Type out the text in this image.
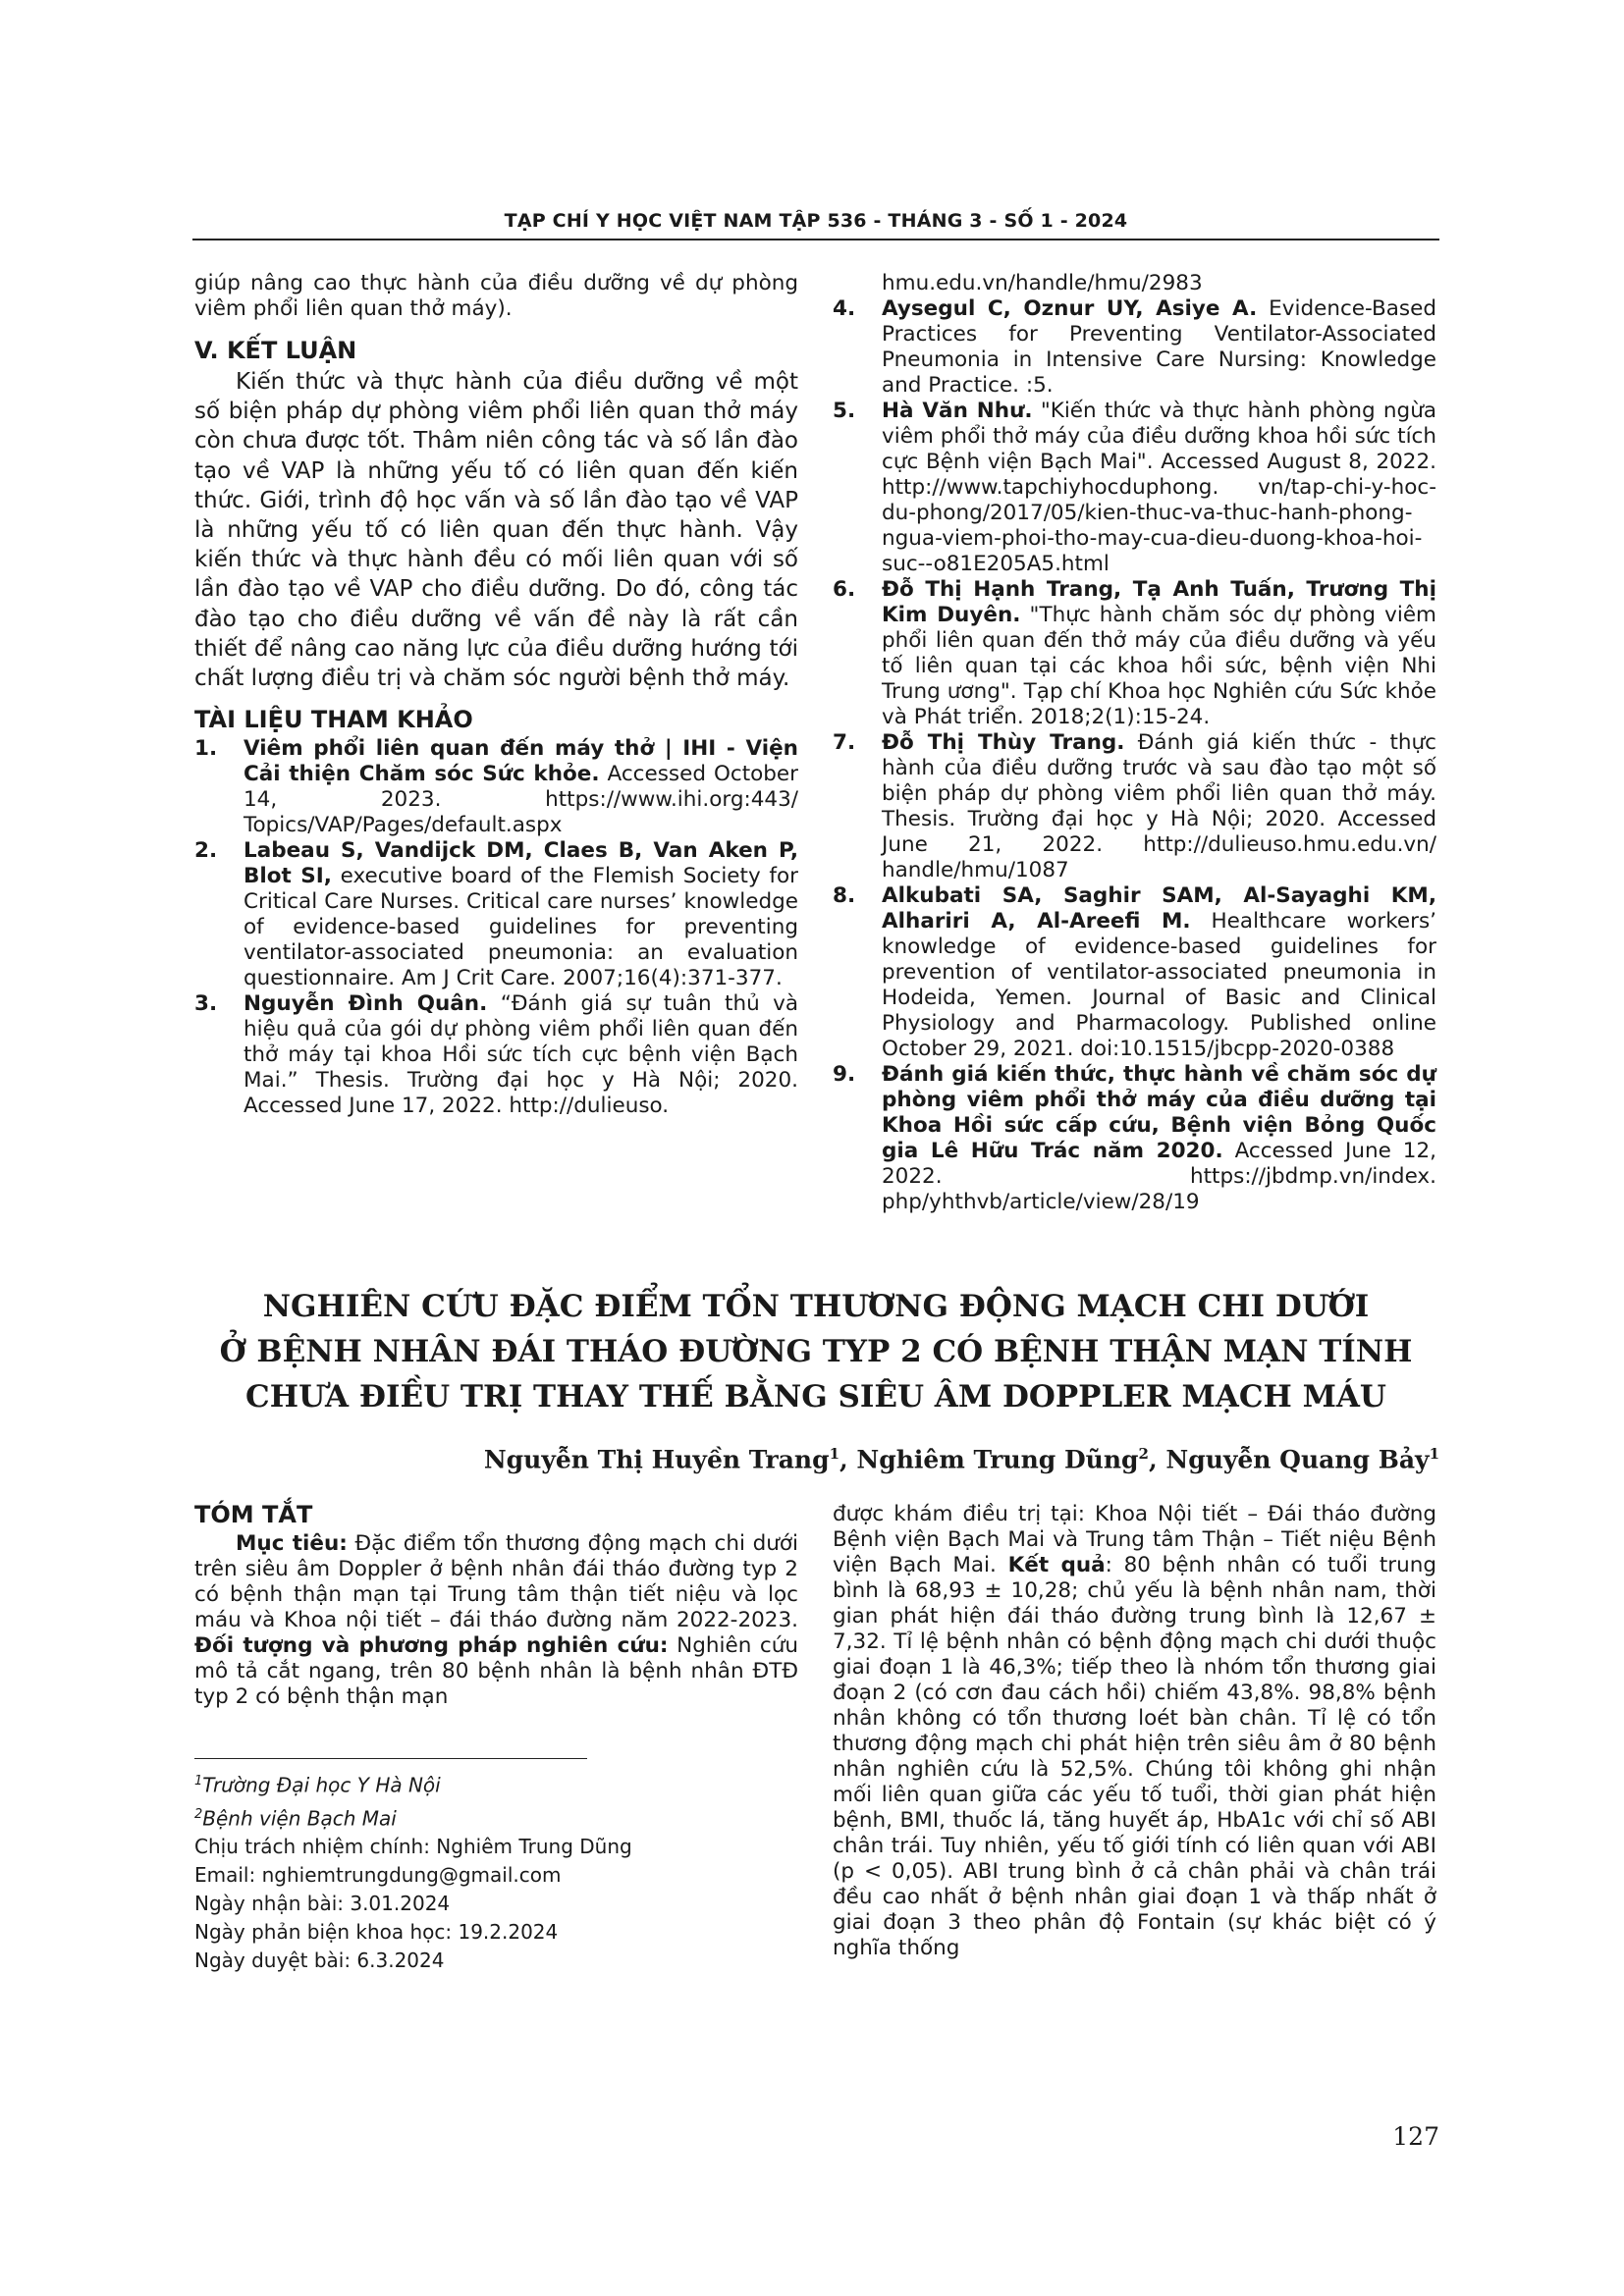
TẠP CHÍ Y HỌC VIỆT NAM TẬP 536 - THÁNG 3 - SỐ 1 - 2024

giúp nâng cao thực hành của điều dưỡng về dự phòng viêm phổi liên quan thở máy).

V. KẾT LUẬN

Kiến thức và thực hành của điều dưỡng về một số biện pháp dự phòng viêm phổi liên quan thở máy còn chưa được tốt. Thâm niên công tác và số lần đào tạo về VAP là những yếu tố có liên quan đến kiến thức. Giới, trình độ học vấn và số lần đào tạo về VAP là những yếu tố có liên quan đến thực hành. Vậy kiến thức và thực hành đều có mối liên quan với số lần đào tạo về VAP cho điều dưỡng. Do đó, công tác đào tạo cho điều dưỡng về vấn đề này là rất cần thiết để nâng cao năng lực của điều dưỡng hướng tới chất lượng điều trị và chăm sóc người bệnh thở máy.

TÀI LIỆU THAM KHẢO

1.	Viêm phổi liên quan đến máy thở | IHI - Viện Cải thiện Chăm sóc Sức khỏe. Accessed October 14, 2023. https://www.ihi.org:443/ Topics/VAP/Pages/default.aspx
2.	Labeau S, Vandijck DM, Claes B, Van Aken P, Blot SI, executive board of the Flemish Society for Critical Care Nurses. Critical care nurses’ knowledge of evidence-based guidelines for preventing ventilator-associated pneumonia: an evaluation questionnaire. Am J Crit Care. 2007;16(4):371-377.
3.	Nguyễn Đình Quân. “Đánh giá sự tuân thủ và hiệu quả của gói dự phòng viêm phổi liên quan đến thở máy tại khoa Hồi sức tích cực bệnh viện Bạch Mai.” Thesis. Trường đại học y Hà Nội; 2020. Accessed June 17, 2022. http://dulieuso.
hmu.edu.vn/handle/hmu/2983
4.	Aysegul C, Oznur UY, Asiye A. Evidence-Based Practices for Preventing Ventilator-Associated Pneumonia in Intensive Care Nursing: Knowledge and Practice. :5.
5.	Hà Văn Như. "Kiến thức và thực hành phòng ngừa viêm phổi thở máy của điều dưỡng khoa hồi sức tích cực Bệnh viện Bạch Mai". Accessed August 8, 2022. http://www.tapchiyhocduphong. vn/tap-chi-y-hoc-du-phong/2017/05/kien-thuc-va-thuc-hanh-phong-ngua-viem-phoi-tho-may-cua-dieu-duong-khoa-hoi-suc--o81E205A5.html
6.	Đỗ Thị Hạnh Trang, Tạ Anh Tuấn, Trương Thị Kim Duyên. "Thực hành chăm sóc dự phòng viêm phổi liên quan đến thở máy của điều dưỡng và yếu tố liên quan tại các khoa hồi sức, bệnh viện Nhi Trung ương". Tạp chí Khoa học Nghiên cứu Sức khỏe và Phát triển. 2018;2(1):15-24.
7.	Đỗ Thị Thùy Trang. Đánh giá kiến thức - thực hành của điều dưỡng trước và sau đào tạo một số biện pháp dự phòng viêm phổi liên quan thở máy. Thesis. Trường đại học y Hà Nội; 2020. Accessed June 21, 2022. http://dulieuso.hmu.edu.vn/ handle/hmu/1087
8.	Alkubati SA, Saghir SAM, Al-Sayaghi KM, Alhariri A, Al-Areefi M. Healthcare workers’ knowledge of evidence-based guidelines for prevention of ventilator-associated pneumonia in Hodeida, Yemen. Journal of Basic and Clinical Physiology and Pharmacology. Published online October 29, 2021. doi:10.1515/jbcpp-2020-0388
9.	Đánh giá kiến thức, thực hành về chăm sóc dự phòng viêm phổi thở máy của điều dưỡng tại Khoa Hồi sức cấp cứu, Bệnh viện Bỏng Quốc gia Lê Hữu Trác năm 2020. Accessed June 12, 2022. https://jbdmp.vn/index. php/yhthvb/article/view/28/19
NGHIÊN CỨU ĐẶC ĐIỂM TỔN THƯƠNG ĐỘNG MẠCH CHI DƯỚI
Ở BỆNH NHÂN ĐÁI THÁO ĐƯỜNG TYP 2 CÓ BỆNH THẬN MẠN TÍNH
CHƯA ĐIỀU TRỊ THAY THẾ BẰNG SIÊU ÂM DOPPLER MẠCH MÁU
Nguyễn Thị Huyền Trang$^1$, Nghiêm Trung Dũng$^2$, Nguyễn Quang Bảy$^1$

TÓM TẮT

Mục tiêu: Đặc điểm tổn thương động mạch chi dưới trên siêu âm Doppler ở bệnh nhân đái tháo đường typ 2 có bệnh thận mạn tại Trung tâm thận tiết niệu và lọc máu và Khoa nội tiết – đái tháo đường năm 2022-2023. Đối tượng và phương pháp nghiên cứu: Nghiên cứu mô tả cắt ngang, trên 80 bệnh nhân là bệnh nhân ĐTĐ typ 2 có bệnh thận mạn

$^1$Trường Đại học Y Hà Nội

$^2$Bệnh viện Bạch Mai

Chịu trách nhiệm chính: Nghiêm Trung Dũng

Email: nghiemtrungdung@gmail.com

Ngày nhận bài: 3.01.2024

Ngày phản biện khoa học: 19.2.2024

Ngày duyệt bài: 6.3.2024

được khám điều trị tại: Khoa Nội tiết – Đái tháo đường Bệnh viện Bạch Mai và Trung tâm Thận – Tiết niệu Bệnh viện Bạch Mai. Kết quả: 80 bệnh nhân có tuổi trung bình là 68,93 ± 10,28; chủ yếu là bệnh nhân nam, thời gian phát hiện đái tháo đường trung bình là 12,67 ± 7,32. Tỉ lệ bệnh nhân có bệnh động mạch chi dưới thuộc giai đoạn 1 là 46,3%; tiếp theo là nhóm tổn thương giai đoạn 2 (có cơn đau cách hồi) chiếm 43,8%. 98,8% bệnh nhân không có tổn thương loét bàn chân. Tỉ lệ có tổn thương động mạch chi phát hiện trên siêu âm ở 80 bệnh nhân nghiên cứu là 52,5%. Chúng tôi không ghi nhận mối liên quan giữa các yếu tố tuổi, thời gian phát hiện bệnh, BMI, thuốc lá, tăng huyết áp, HbA1c với chỉ số ABI chân trái. Tuy nhiên, yếu tố giới tính có liên quan với ABI (p < 0,05). ABI trung bình ở cả chân phải và chân trái đều cao nhất ở bệnh nhân giai đoạn 1 và thấp nhất ở giai đoạn 3 theo phân độ Fontain (sự khác biệt có ý nghĩa thống

127
